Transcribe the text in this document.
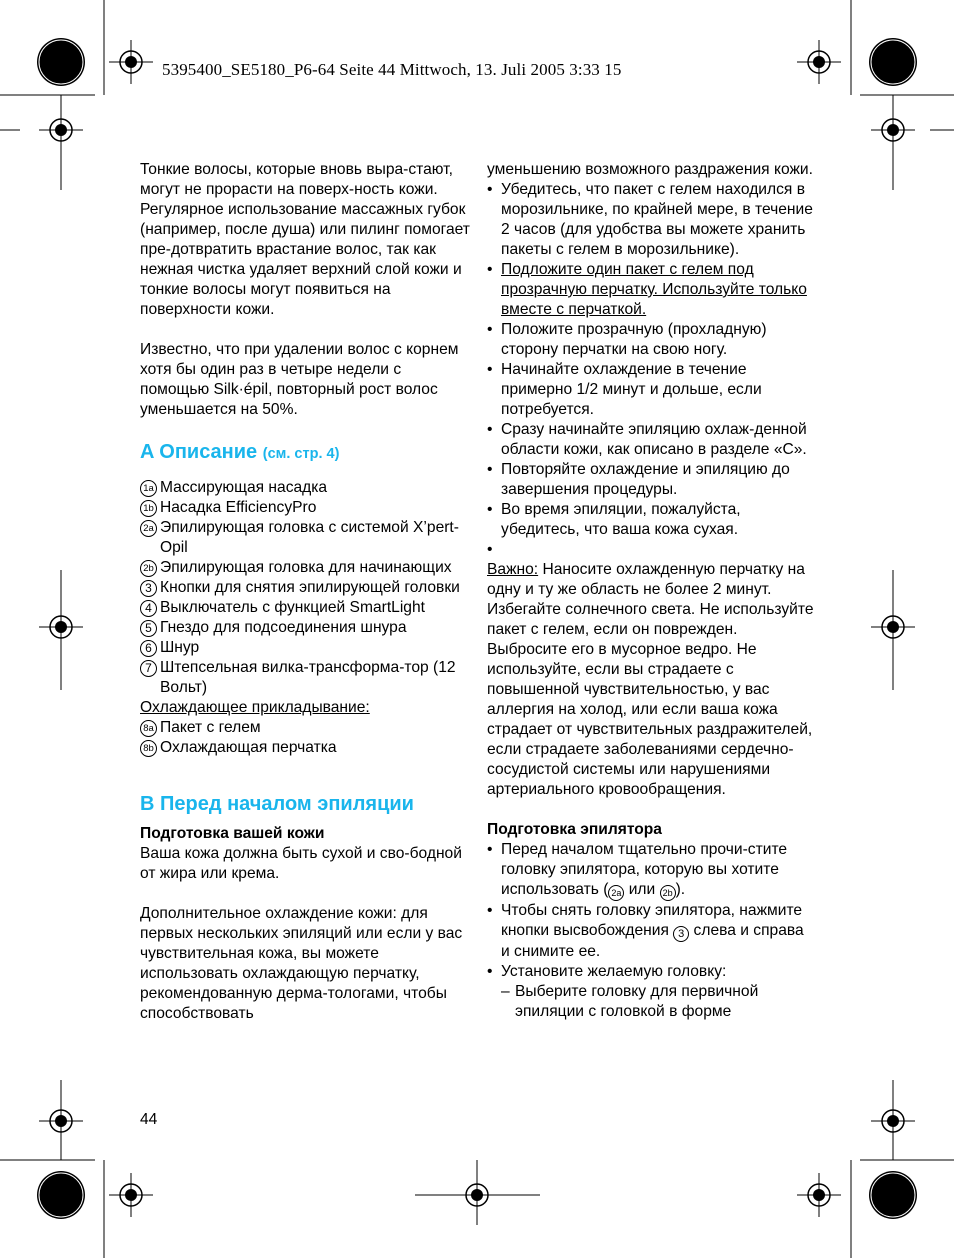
5395400_SE5180_P6-64 Seite 44 Mittwoch, 13. Juli 2005 3:33 15

Тонкие волосы, которые вновь выра-стают, могут не прорасти на поверх-ность кожи. Регулярное использование массажных губок (например, после душа) или пилинг помогает пре-дотвратить врастание волос, так как нежная чистка удаляет верхний слой кожи и тонкие волосы могут появиться на поверхности кожи.

Известно, что при удалении волос с корнем хотя бы один раз в четыре недели с помощью Silk·épil, повторный рост волос уменьшается на 50%.

A Описание (см. стр. 4)
1a Массирующая насадка
1b Насадка EfficiencyPro
2a Эпилирующая головка с системой X’pert-Opil
2b Эпилирующая головка для начинающих
3 Кнопки для снятия эпилирующей головки
4 Выключатель с функцией SmartLight
5 Гнездо для подсоединения шнура
6 Шнур
7 Штепсельная вилка-трансформа-тор (12 Вольт)

Охлаждающее прикладывание:

8a Пакет с гелем
8b Охлаждающая перчатка
B Перед началом эпиляции

Подготовка вашей кожи

Ваша кожа должна быть сухой и сво-бодной от жира или крема.

Дополнительное охлаждение кожи: для первых нескольких эпиляций или если у вас чувствительная кожа, вы можете использовать охлаждающую перчатку, рекомендованную дерма-тологами, чтобы способствовать

уменьшению возможного раздражения кожи.

• Убедитесь, что пакет с гелем находился в морозильнике, по крайней мере, в течение 2 часов (для удобства вы можете хранить пакеты с гелем в морозильнике).
• Подложите один пакет с гелем под прозрачную перчатку. Используйте только вместе с перчаткой.
• Положите прозрачную (прохладную) сторону перчатки на свою ногу.
• Начинайте охлаждение в течение примерно 1/2 минут и дольше, если потребуется.
• Сразу начинайте эпиляцию охлаж-денной области кожи, как описано в разделе «C».
• Повторяйте охлаждение и эпиляцию до завершения процедуры.
• Во время эпиляции, пожалуйста, убедитесь, что ваша кожа сухая.
•

Важно: Наносите охлажденную перчатку на одну и ту же область не более 2 минут. Избегайте солнечного света. Не используйте пакет с гелем, если он поврежден. Выбросите его в мусорное ведро. Не используйте, если вы страдаете с повышенной чувствительностью, у вас аллергия на холод, или если ваша кожа страдает от чувствительных раздражителей, если страдаете заболеваниями сердечно-сосудистой системы или нарушениями артериального кровообращения.

Подготовка эпилятора

• Перед началом тщательно прочи-стите головку эпилятора, которую вы хотите использовать ( 2a или 2b ).
• Чтобы снять головку эпилятора, нажмите кнопки высвобождения 3 слева и справа и снимите ее.
• Установите желаемую головку:
– Выберите головку для первичной эпиляции с головкой в форме
44
